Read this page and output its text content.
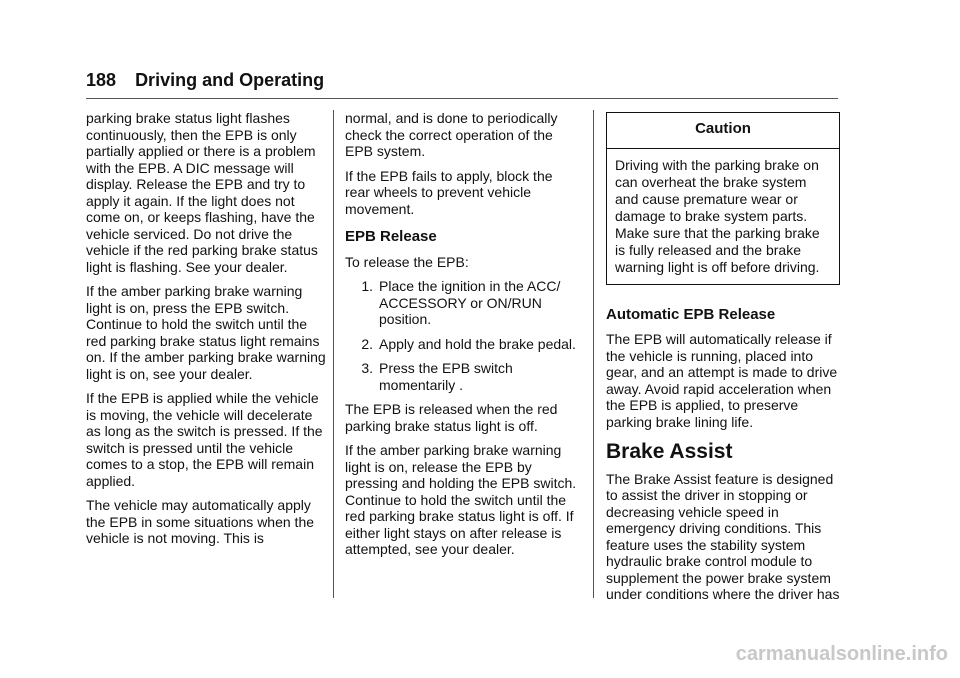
188 Driving and Operating

parking brake status light flashes continuously, then the EPB is only partially applied or there is a problem with the EPB. A DIC message will display. Release the EPB and try to apply it again. If the light does not come on, or keeps flashing, have the vehicle serviced. Do not drive the vehicle if the red parking brake status light is flashing. See your dealer.

If the amber parking brake warning light is on, press the EPB switch. Continue to hold the switch until the red parking brake status light remains on. If the amber parking brake warning light is on, see your dealer.

If the EPB is applied while the vehicle is moving, the vehicle will decelerate as long as the switch is pressed. If the switch is pressed until the vehicle comes to a stop, the EPB will remain applied.

The vehicle may automatically apply the EPB in some situations when the vehicle is not moving. This is

normal, and is done to periodically check the correct operation of the EPB system.

If the EPB fails to apply, block the rear wheels to prevent vehicle movement.

EPB Release

To release the EPB:

1. Place the ignition in the ACC/ ACCESSORY or ON/RUN position.
2. Apply and hold the brake pedal.
3. Press the EPB switch momentarily .

The EPB is released when the red parking brake status light is off.

If the amber parking brake warning light is on, release the EPB by pressing and holding the EPB switch. Continue to hold the switch until the red parking brake status light is off. If either light stays on after release is attempted, see your dealer.

Caution
Driving with the parking brake on can overheat the brake system and cause premature wear or damage to brake system parts. Make sure that the parking brake is fully released and the brake warning light is off before driving.
Automatic EPB Release

The EPB will automatically release if the vehicle is running, placed into gear, and an attempt is made to drive away. Avoid rapid acceleration when the EPB is applied, to preserve parking brake lining life.

Brake Assist

The Brake Assist feature is designed to assist the driver in stopping or decreasing vehicle speed in emergency driving conditions. This feature uses the stability system hydraulic brake control module to supplement the power brake system under conditions where the driver has

carmanualsonline.info
